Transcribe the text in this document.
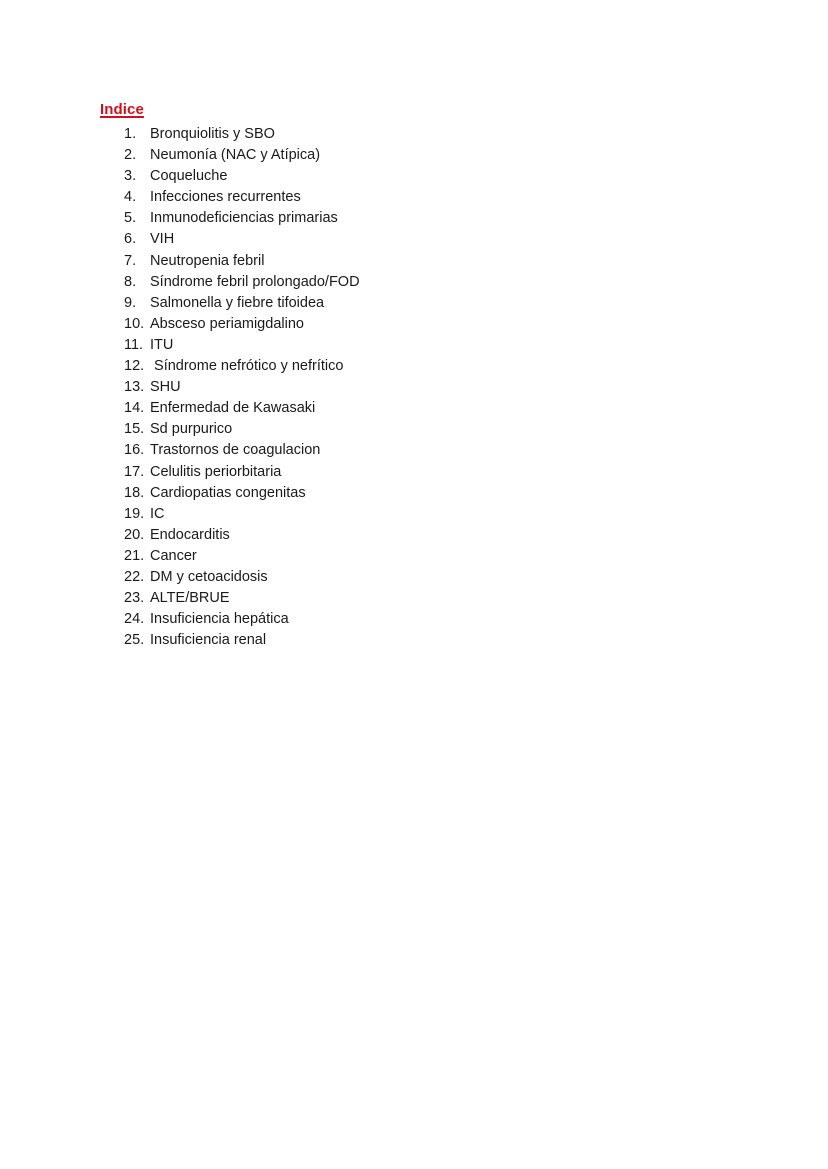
Indice
1. Bronquiolitis y SBO
2. Neumonía (NAC y Atípica)
3. Coqueluche
4. Infecciones recurrentes
5. Inmunodeficiencias primarias
6. VIH
7. Neutropenia febril
8. Síndrome febril prolongado/FOD
9. Salmonella y fiebre tifoidea
10. Absceso periamigdalino
11. ITU
12. Síndrome nefrótico y nefrítico
13. SHU
14. Enfermedad de Kawasaki
15. Sd purpurico
16. Trastornos de coagulacion
17. Celulitis periorbitaria
18. Cardiopatias congenitas
19. IC
20. Endocarditis
21. Cancer
22. DM y cetoacidosis
23. ALTE/BRUE
24. Insuficiencia hepática
25. Insuficiencia renal
